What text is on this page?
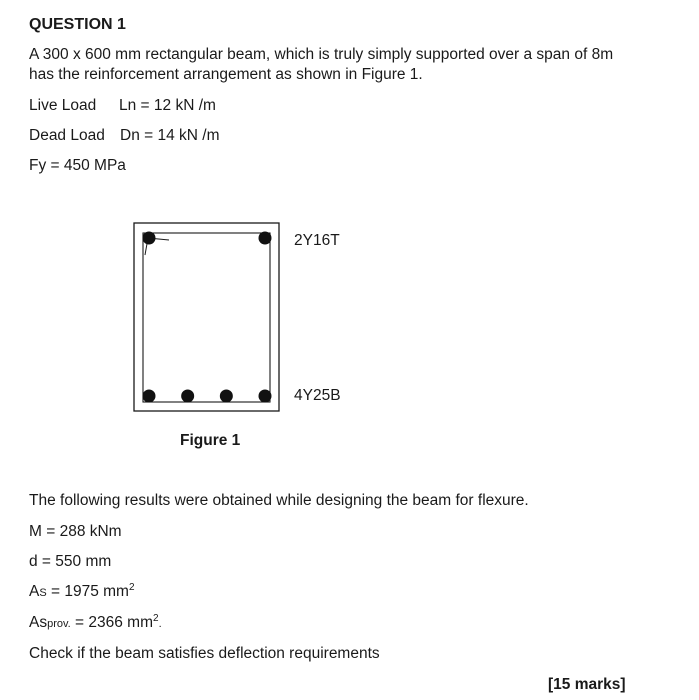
QUESTION 1
A 300 x 600 mm rectangular beam, which is truly simply supported over a span of 8m
has the reinforcement arrangement as shown in Figure 1.
Live Load Ln = 12 kN /m
Dead Load Dn = 14 kN /m
Fy = 450 MPa
2Y16T
4Y25B
Figure 1
The following results were obtained while designing the beam for flexure.
M = 288 kNm
d = 550 mm
AS = 1975 $mm^2$
Asprov. = 2366 $mm^2$.
Check if the beam satisfies deflection requirements
[15 marks]
